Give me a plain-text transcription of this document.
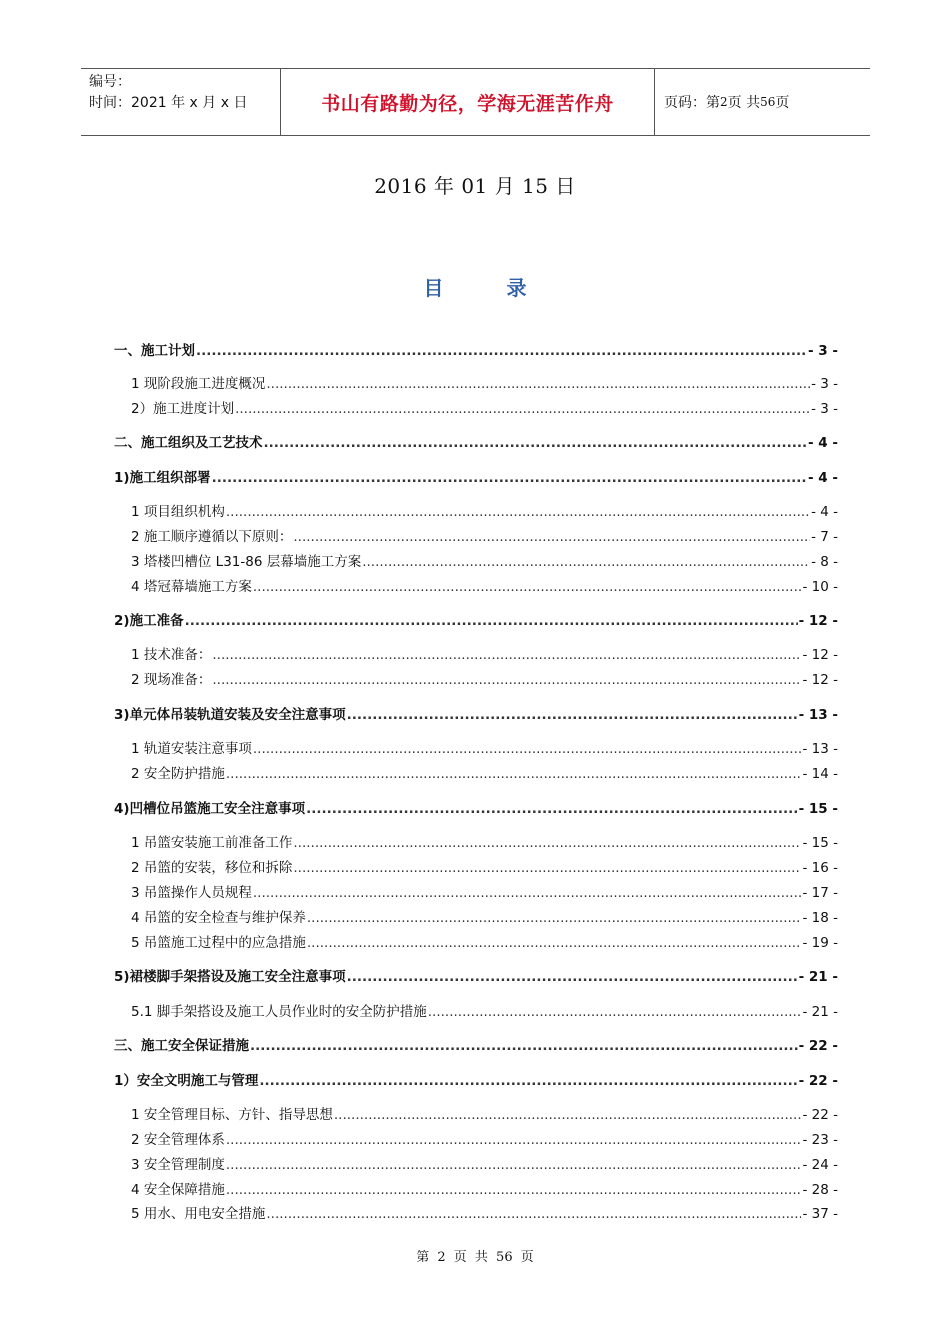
编号：
时间：2021 年 x 月 x 日	书山有路勤为径，学海无涯苦作舟	页码：第 2 页 共 56 页
2016 年 01 月 15 日
目 录
一、施工计划 .....	- 3 -
1 现阶段施工进度概况 .....	- 3 -
2）施工进度计划 .....	- 3 -
二、施工组织及工艺技术 .....	- 4 -
1)施工组织部署 .....	- 4 -
1 项目组织机构 .....	- 4 -
2 施工顺序遵循以下原则： .....	- 7 -
3 塔楼凹槽位 L31-86 层幕墙施工方案 .....	- 8 -
4 塔冠幕墙施工方案 .....	- 10 -
2)施工准备 .....	- 12 -
1 技术准备： .....	- 12 -
2 现场准备： .....	- 12 -
3)单元体吊装轨道安装及安全注意事项 .....	- 13 -
1 轨道安装注意事项 .....	- 13 -
2 安全防护措施 .....	- 14 -
4)凹槽位吊篮施工安全注意事项 .....	- 15 -
1 吊篮安装施工前准备工作 .....	- 15 -
2 吊篮的安装，移位和拆除 .....	- 16 -
3 吊篮操作人员规程 .....	- 17 -
4 吊篮的安全检查与维护保养 .....	- 18 -
5 吊篮施工过程中的应急措施 .....	- 19 -
5)裙楼脚手架搭设及施工安全注意事项 .....	- 21 -
5.1 脚手架搭设及施工人员作业时的安全防护措施 .....	- 21 -
三、施工安全保证措施 .....	- 22 -
1）安全文明施工与管理 .....	- 22 -
1 安全管理目标、方针、指导思想 .....	- 22 -
2 安全管理体系 .....	- 23 -
3 安全管理制度 .....	- 24 -
4 安全保障措施 .....	- 28 -
5 用水、用电安全措施 .....	- 37 -
第 2 页 共 56 页
